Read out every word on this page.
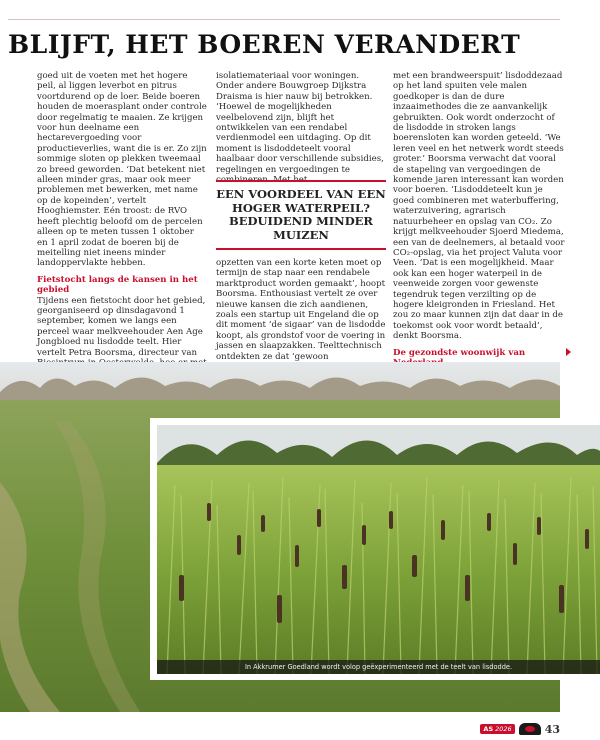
BLIJFT, HET BOEREN VERANDERT

goed uit de voeten met het hogere peil, al liggen leverbot en pitrus voortdurend op de loer. Beide boeren houden de moerasplant onder controle door regelmatig te maaien. Ze krijgen voor hun deelname een hectarevergoeding voor productieverlies, want die is er. Zo zijn sommige sloten op plekken tweemaal zo breed geworden. ‘Dat betekent niet alleen minder gras, maar ook meer problemen met bewerken, met name op de kopeinden’, vertelt Hooghiemster. Eén troost: de RVO heeft plechtig beloofd om de percelen alleen op te meten tussen 1 oktober en 1 april zodat de boeren bij de meitelling niet ineens minder landoppervlakte hebben.

Fietstocht langs de kansen in het gebied

Tijdens een fietstocht door het gebied, georganiseerd op dinsdagavond 1 september, komen we langs een perceel waar melkveehouder Aen Age Jongbloed nu lisdodde teelt. Hier vertelt Petra Boorsma, directeur van

isolatiemateriaal voor woningen. Onder andere Bouwgroep Dijkstra Draisma is hier nauw bij betrokken. ‘Hoewel de mogelijkheden veelbelovend zijn, blijft het ontwikkelen van een rendabel verdienmodel een uitdaging. Op dit moment is lisdoddeteelt vooral haalbaar door verschillende subsidies, regelingen en vergoedingen te combineren. Met het

EEN VOORDEEL VAN EEN HOGER WATERPEIL? BEDUIDEND MINDER MUIZEN

opzetten van een korte keten moet op termijn de stap naar een rendabele marktproduct worden gemaakt’, hoopt Boorsma. Enthousiast vertelt ze over nieuwe kansen die zich aandienen, zoals een startup uit Engeland die op dit moment ‘de sigaar’ van de lisdodde koopt, als grondstof voor de voering in jassen en slaapzakken. Teelttechnisch ontdekten ze dat ‘gewoon

met een brandweerspuit’ lisdoddezaad op het land spuiten vele malen goedkoper is dan de dure inzaaimethodes die ze aanvankelijk gebruikten. Ook wordt onderzocht of de lisdodde in stroken langs boerensloten kan worden geteeld. ‘We leren veel en het netwerk wordt steeds groter.’ Boorsma verwacht dat vooral de stapeling van vergoedingen de komende jaren interessant kan worden voor boeren. ‘Lisdoddeteelt kun je goed combineren met waterbuffering, waterzuivering, agrarisch natuurbeheer en opslag van CO₂. Zo krijgt melkveehouder Sjoerd Miedema, een van de deelnemers, al betaald voor CO₂-opslag, via het project Valuta voor Veen. ‘Dat is een mogelijkheid. Maar ook kan een hoger waterpeil in de veenweide zorgen voor gewenste tegendruk tegen verzilting op de hogere kleigronden in Friesland. Het zou zo maar kunnen zijn dat daar in de toekomst ook voor wordt betaald’, denkt Boorsma.

De gezondste woonwijk van

In Akkrumer Goedland wordt volop geëxperimenteerd met de teelt van lisdodde.
AS 2026	43
